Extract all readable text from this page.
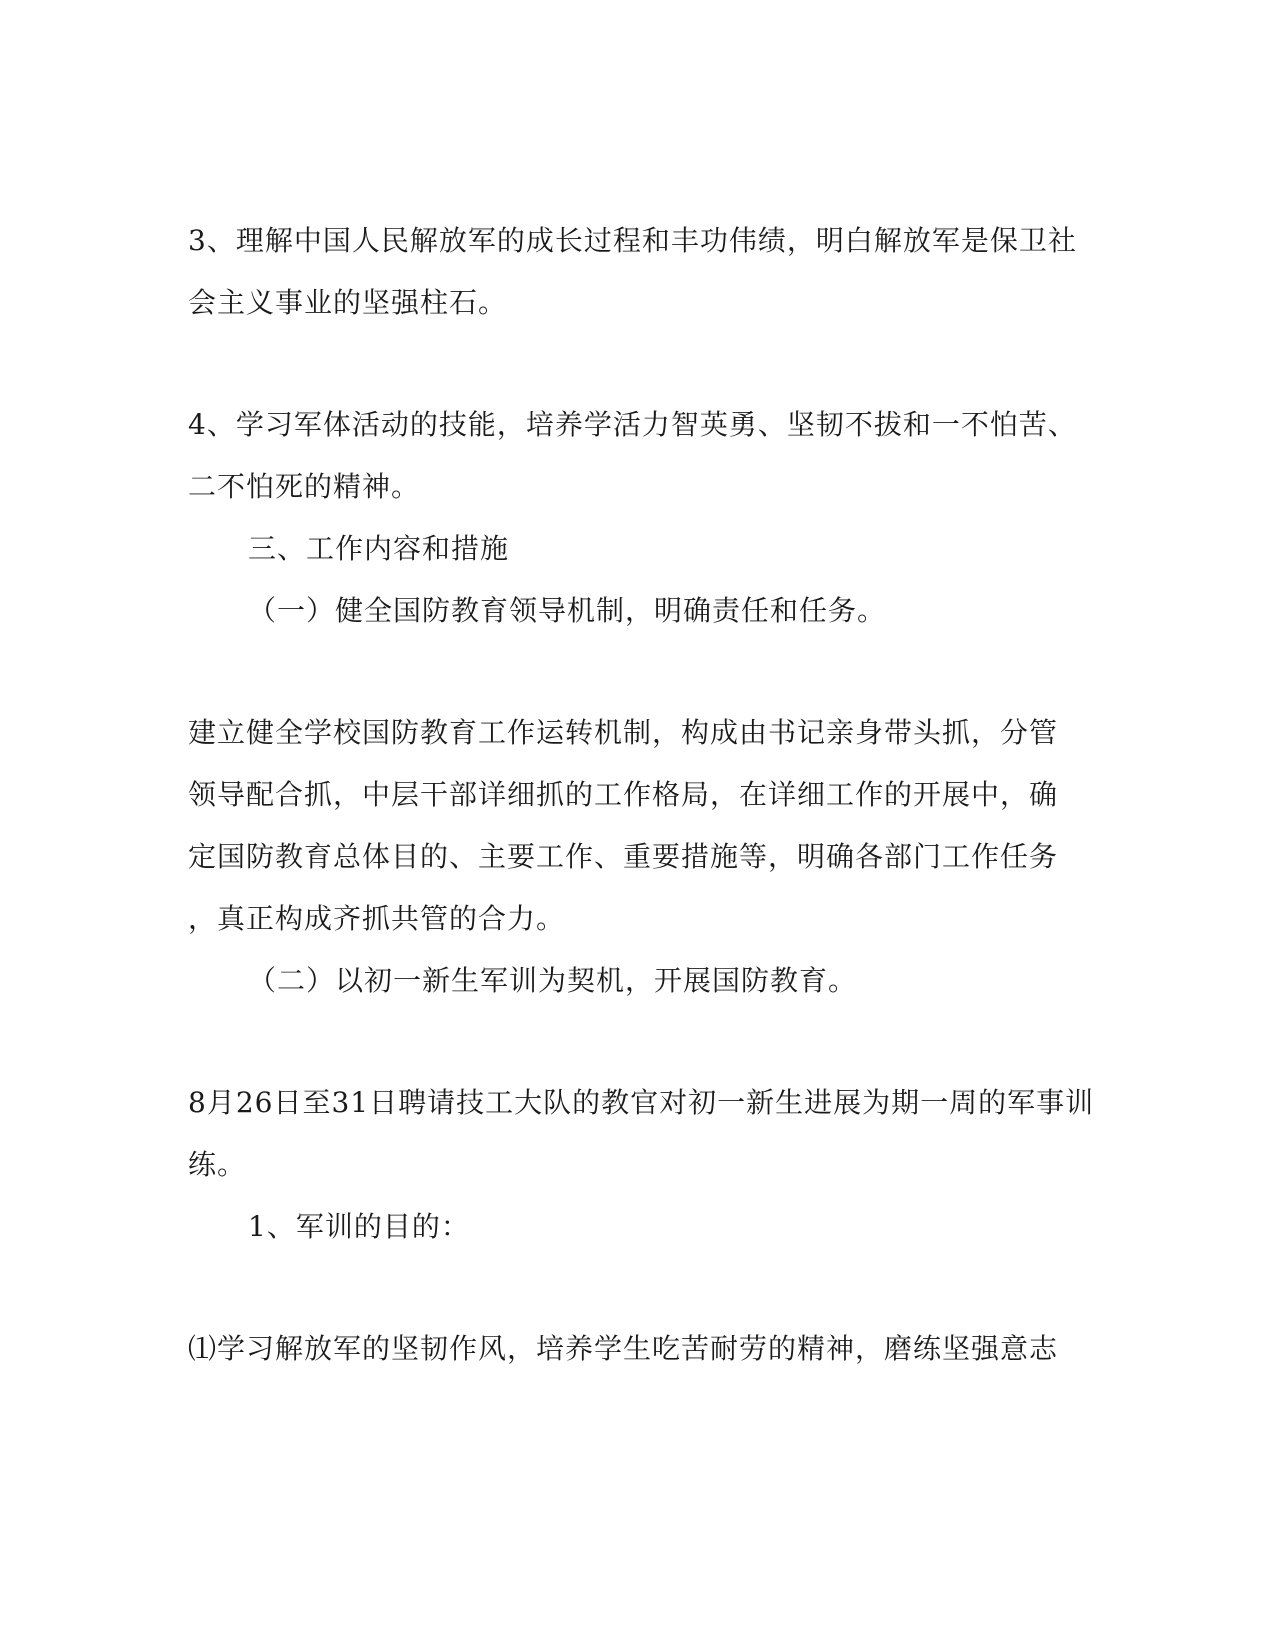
3、理解中国人民解放军的成长过程和丰功伟绩，明白解放军是保卫社
会主义事业的坚强柱石。
4、学习军体活动的技能，培养学活力智英勇、坚韧不拔和一不怕苦、
二不怕死的精神。
三、工作内容和措施
（一）健全国防教育领导机制，明确责任和任务。
建立健全学校国防教育工作运转机制，构成由书记亲身带头抓，分管
领导配合抓，中层干部详细抓的工作格局，在详细工作的开展中，确
定国防教育总体目的、主要工作、重要措施等，明确各部门工作任务
，真正构成齐抓共管的合力。
（二）以初一新生军训为契机，开展国防教育。
8月26日至31日聘请技工大队的教官对初一新生进展为期一周的军事训
练。
1、军训的目的：
⑴学习解放军的坚韧作风，培养学生吃苦耐劳的精神，磨练坚强意志
